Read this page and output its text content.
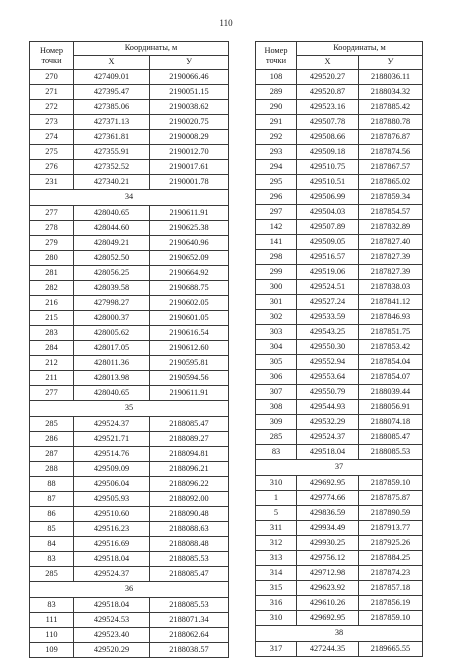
110
Номер
точки	Координаты, м	
	X	У
270	427409.01	2190066.46
271	427395.47	2190051.15
272	427385.06	2190038.62
273	427371.13	2190020.75
274	427361.81	2190008.29
275	427355.91	2190012.70
276	427352.52	2190017.61
231	427340.21	2190001.78
34		
277	428040.65	2190611.91
278	428044.60	2190625.38
279	428049.21	2190640.96
280	428052.50	2190652.09
281	428056.25	2190664.92
282	428039.58	2190688.75
216	427998.27	2190602.05
215	428000.37	2190601.05
283	428005.62	2190616.54
284	428017.05	2190612.60
212	428011.36	2190595.81
211	428013.98	2190594.56
277	428040.65	2190611.91
35		
285	429524.37	2188085.47
286	429521.71	2188089.27
287	429514.76	2188094.81
288	429509.09	2188096.21
88	429506.04	2188096.22
87	429505.93	2188092.00
86	429510.60	2188090.48
85	429516.23	2188088.63
84	429516.69	2188088.48
83	429518.04	2188085.53
285	429524.37	2188085.47
36		
83	429518.04	2188085.53
111	429524.53	2188071.34
110	429523.40	2188062.64
109	429520.29	2188038.57
Номер
точки	Координаты, м	
	X	У
108	429520.27	2188036.11
289	429520.87	2188034.32
290	429523.16	2187885.42
291	429507.78	2187880.78
292	429508.66	2187876.87
293	429509.18	2187874.56
294	429510.75	2187867.57
295	429510.51	2187865.02
296	429506.99	2187859.34
297	429504.03	2187854.57
142	429507.89	2187832.89
141	429509.05	2187827.40
298	429516.57	2187827.39
299	429519.06	2187827.39
300	429524.51	2187838.03
301	429527.24	2187841.12
302	429533.59	2187846.93
303	429543.25	2187851.75
304	429550.30	2187853.42
305	429552.94	2187854.04
306	429553.64	2187854.07
307	429550.79	2188039.44
308	429544.93	2188056.91
309	429532.29	2188074.18
285	429524.37	2188085.47
83	429518.04	2188085.53
37		
310	429692.95	2187859.10
1	429774.66	2187875.87
5	429836.59	2187890.59
311	429934.49	2187913.77
312	429930.25	2187925.26
313	429756.12	2187884.25
314	429712.98	2187874.23
315	429623.92	2187857.18
316	429610.26	2187856.19
310	429692.95	2187859.10
38		
317	427244.35	2189665.55
